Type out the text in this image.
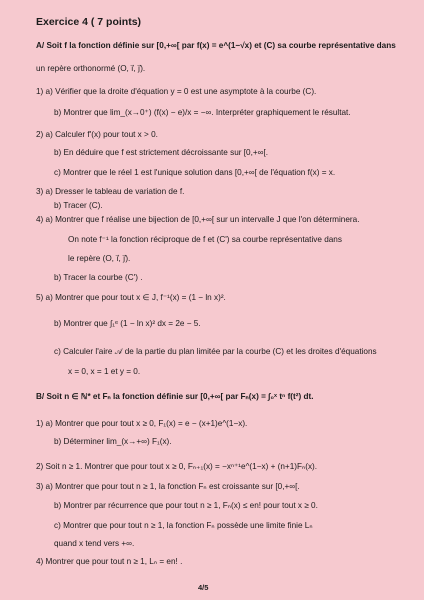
Exercice 4 ( 7 points)
A/ Soit f la fonction définie sur [0,+∞[ par f(x) = e^(1−√x) et (C) sa courbe représentative dans
un repère orthonormé (O, i⃗, j⃗).
1) a) Vérifier que la droite d'équation y = 0 est une asymptote à la courbe (C).
b) Montrer que lim_(x→0⁺) (f(x) − e)/x = −∞. Interpréter graphiquement le résultat.
2) a) Calculer f'(x) pour tout x > 0.
b) En déduire que f est strictement décroissante sur [0,+∞[.
c) Montrer que le réel 1 est l'unique solution dans [0,+∞[ de l'équation f(x) = x.
3) a) Dresser le tableau de variation de f.
b) Tracer (C).
4) a) Montrer que f réalise une bijection de [0,+∞[ sur un intervalle J que l'on déterminera.
On note f⁻¹ la fonction réciproque de f et (C') sa courbe représentative dans
le repère (O, i⃗, j⃗).
b) Tracer la courbe (C') .
5) a) Montrer que pour tout x ∈ J, f⁻¹(x) = (1 − ln x)².
b) Montrer que ∫₁ᵉ (1 − ln x)² dx = 2e − 5.
c) Calculer l'aire 𝒜 de la partie du plan limitée par la courbe (C) et les droites d'équations
x = 0, x = 1 et y = 0.
B/ Soit n ∈ ℕ* et Fₙ la fonction définie sur [0,+∞[ par Fₙ(x) = ∫₀ˣ tⁿ f(t²) dt.
1) a) Montrer que pour tout x ≥ 0, F₁(x) = e − (x+1)e^(1−x).
b) Déterminer lim_(x→+∞) F₁(x).
2) Soit n ≥ 1. Montrer que pour tout x ≥ 0, Fₙ₊₁(x) = −xⁿ⁺¹e^(1−x) + (n+1)Fₙ(x).
3) a) Montrer que pour tout n ≥ 1, la fonction Fₙ est croissante sur [0,+∞[.
b) Montrer par récurrence que pour tout n ≥ 1, Fₙ(x) ≤ en! pour tout x ≥ 0.
c) Montrer que pour tout n ≥ 1, la fonction Fₙ possède une limite finie Lₙ
quand x tend vers +∞.
4) Montrer que pour tout n ≥ 1, Lₙ = en! .
4/5
